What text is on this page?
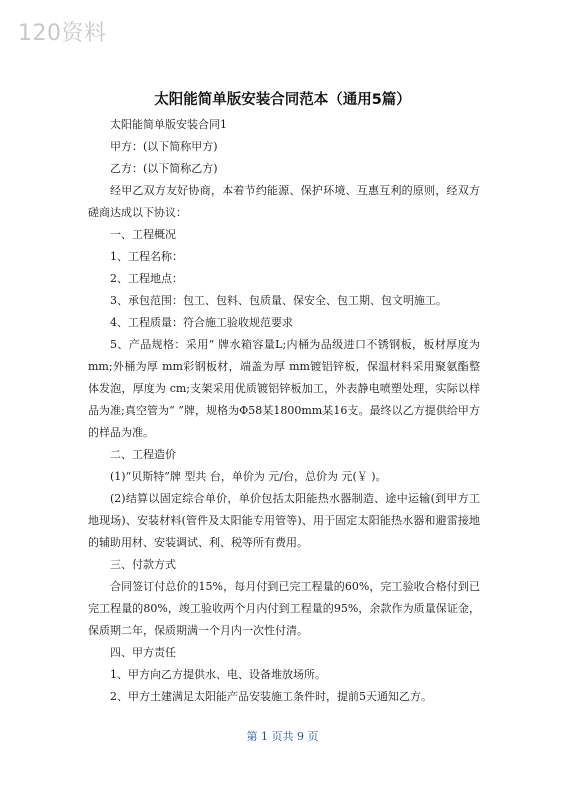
120资料
太阳能简单版安装合同范本（通用5篇）

太阳能简单版安装合同1

甲方：(以下简称甲方)

乙方：(以下简称乙方)

经甲乙双方友好协商，本着节约能源、保护环境、互惠互利的原则，经双方磋商达成以下协议：

一、工程概况

1、工程名称：

2、工程地点：

3、承包范围：包工、包料、包质量、保安全、包工期、包文明施工。

4、工程质量：符合施工验收规范要求

5、产品规格：采用“ 牌水箱容量L;内桶为品级进口不锈钢板，板材厚度为 mm;外桶为厚 mm彩钢板材，端盖为厚 mm镀铝锌板，保温材料采用聚氨酯整体发泡，厚度为 cm;支架采用优质镀铝锌板加工，外表静电喷塑处理，实际以样品为准;真空管为“ ”牌，规格为Φ58某1800mm某16支。最终以乙方提供给甲方的样品为准。

二、工程造价

(1)“贝斯特”牌 型共 台，单价为 元/台，总价为 元(￥ )。

(2)结算以固定综合单价，单价包括太阳能热水器制造、途中运输(到甲方工地现场)、安装材料(管件及太阳能专用管等)、用于固定太阳能热水器和避雷接地的辅助用材、安装调试、利、税等所有费用。

三、付款方式

合同签订付总价的15%，每月付到已完工程量的60%，完工验收合格付到已完工程量的80%，竣工验收两个月内付到工程量的95%，余款作为质量保证金，保质期二年，保质期满一个月内一次性付清。

四、甲方责任

1、甲方向乙方提供水、电、设备堆放场所。

2、甲方土建满足太阳能产品安装施工条件时，提前5天通知乙方。

第 1 页共 9 页
